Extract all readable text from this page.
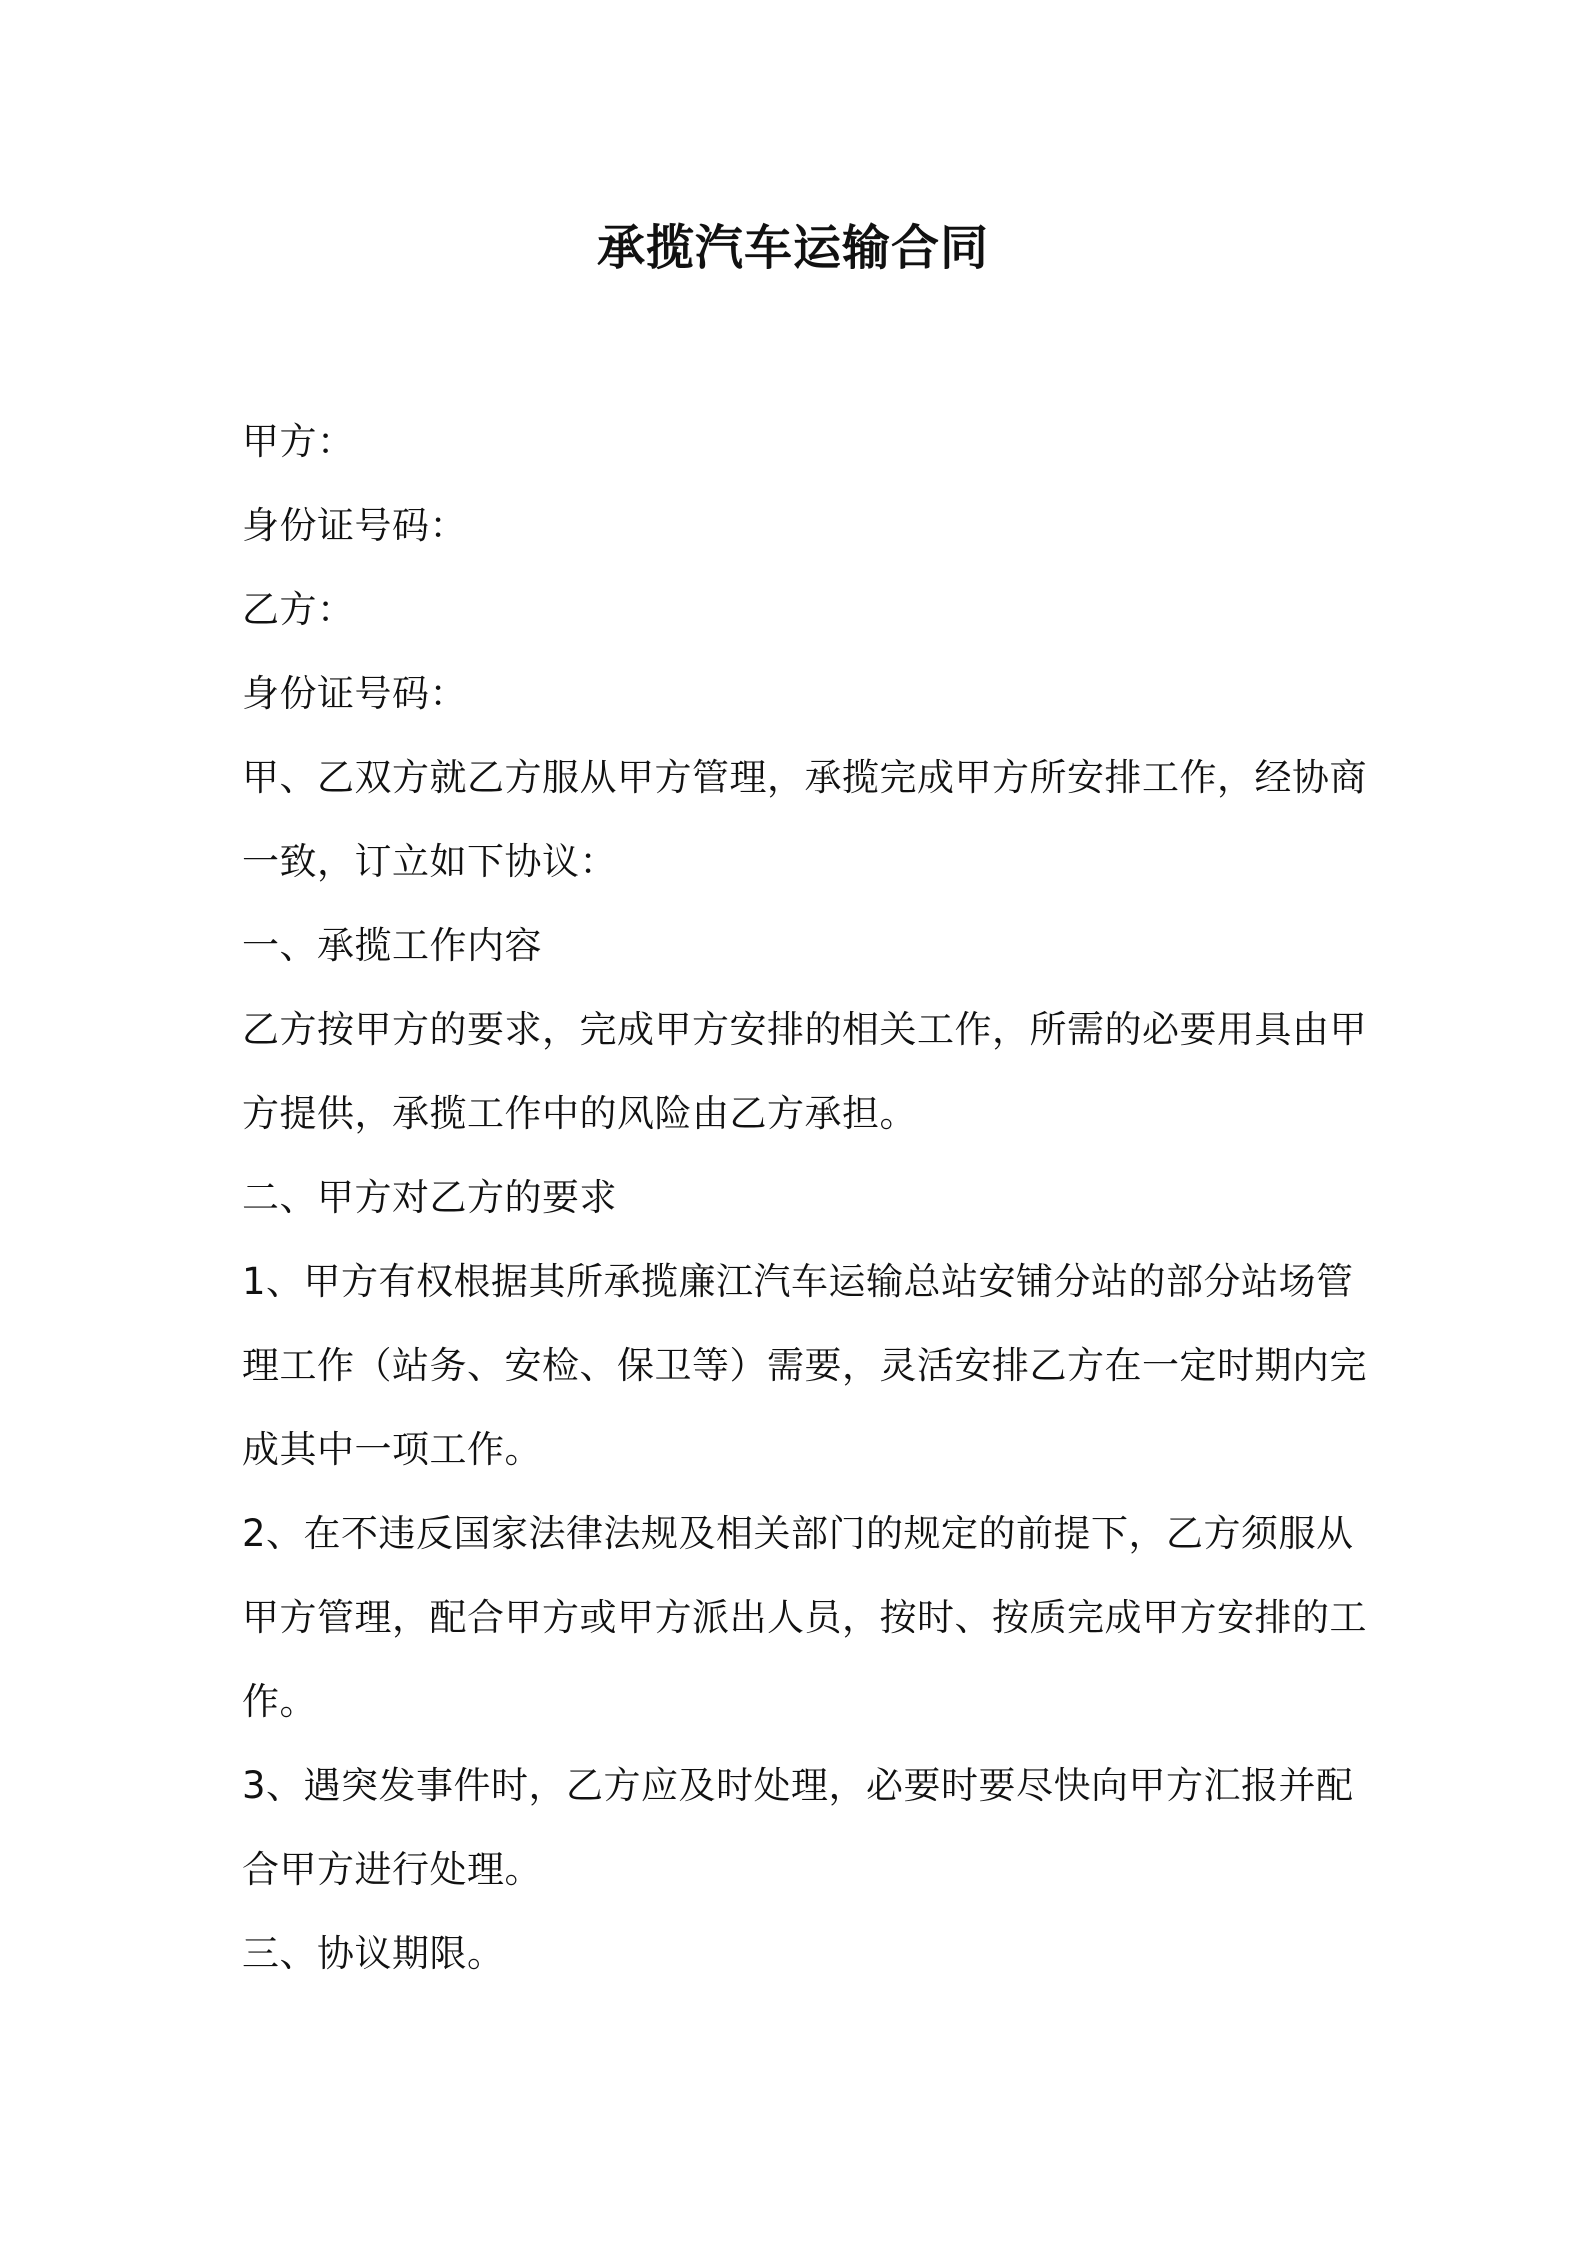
承揽汽车运输合同
甲方：
身份证号码：
乙方：
身份证号码：
甲、乙双方就乙方服从甲方管理，承揽完成甲方所安排工作，经协商
一致，订立如下协议：
一、承揽工作内容
乙方按甲方的要求，完成甲方安排的相关工作，所需的必要用具由甲
方提供，承揽工作中的风险由乙方承担。
二、甲方对乙方的要求
1、甲方有权根据其所承揽廉江汽车运输总站安铺分站的部分站场管
理工作（站务、安检、保卫等）需要，灵活安排乙方在一定时期内完
成其中一项工作。
2、在不违反国家法律法规及相关部门的规定的前提下，乙方须服从
甲方管理，配合甲方或甲方派出人员，按时、按质完成甲方安排的工
作。
3、遇突发事件时，乙方应及时处理，必要时要尽快向甲方汇报并配
合甲方进行处理。
三、协议期限。
